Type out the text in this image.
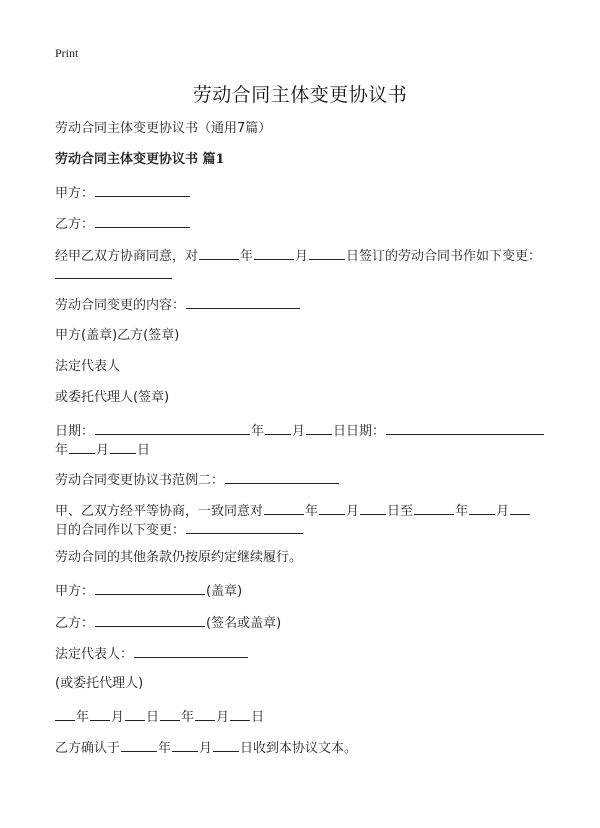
Print
劳动合同主体变更协议书
劳动合同主体变更协议书（通用7篇）
劳动合同主体变更协议书 篇1
甲方：
乙方：
经甲乙双方协商同意，对	年	月	日签订的劳动合同书作如下变更：
劳动合同变更的内容：
甲方(盖章)乙方(签章)
法定代表人
或委托代理人(签章)
日期：	年 月 日日期：
年 月 日
劳动合同变更协议书范例二：
甲、乙双方经平等协商，一致同意对	年 月 日至	年 月
日的合同作以下变更：
劳动合同的其他条款仍按原约定继续履行。
甲方：	(盖章)
乙方：	(签名或盖章)
法定代表人：
(或委托代理人)
年 月 日 年 月 日
乙方确认于	年 月 日收到本协议文本。
